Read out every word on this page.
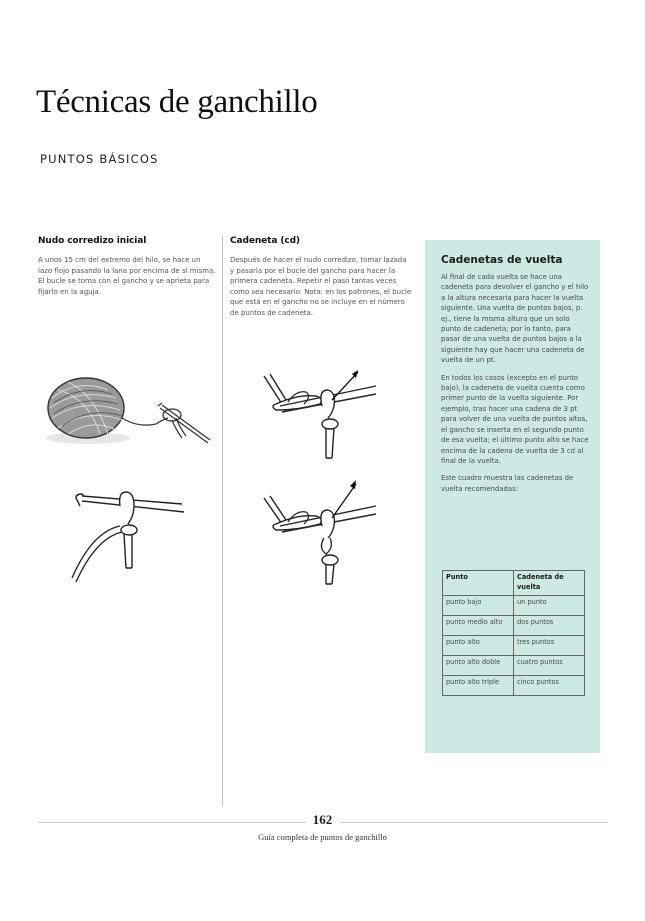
Técnicas de ganchillo
PUNTOS BÁSICOS
Nudo corredizo inicial

A unos 15 cm del extremo del hilo, se hace un lazo flojo pasando la lana por encima de sí misma. El bucle se toma con el gancho y se aprieta para fijarlo en la aguja.

Cadeneta (cd)

Después de hacer el nudo corredizo, tomar lazada y pasarla por el bucle del gancho para hacer la primera cadeneta. Repetir el paso tantas veces como sea necesario. Nota: en los patrones, el bucle que está en el gancho no se incluye en el número de puntos de cadeneta.

Cadenetas de vuelta

Al final de cada vuelta se hace una cadeneta para devolver el gancho y el hilo a la altura necesaria para hacer la vuelta siguiente. Una vuelta de puntos bajos, p. ej., tiene la misma altura que un solo punto de cadeneta; por lo tanto, para pasar de una vuelta de puntos bajos a la siguiente hay que hacer una cadeneta de vuelta de un pt.

En todos los casos (excepto en el punto bajo), la cadeneta de vuelta cuenta como primer punto de la vuelta siguiente. Por ejemplo, tras hacer una cadena de 3 pt para volver de una vuelta de puntos altos, el gancho se inserta en el segundo punto de esa vuelta; el último punto alto se hace encima de la cadena de vuelta de 3 cd al final de la vuelta.

Este cuadro muestra las cadenetas de vuelta recomendadas:

Punto	Cadeneta de vuelta
punto bajo	un punto
punto medio alto	dos puntos
punto alto	tres puntos
punto alto doble	cuatro puntos
punto alto triple	cinco puntos
162
Guía completa de puntos de ganchillo
